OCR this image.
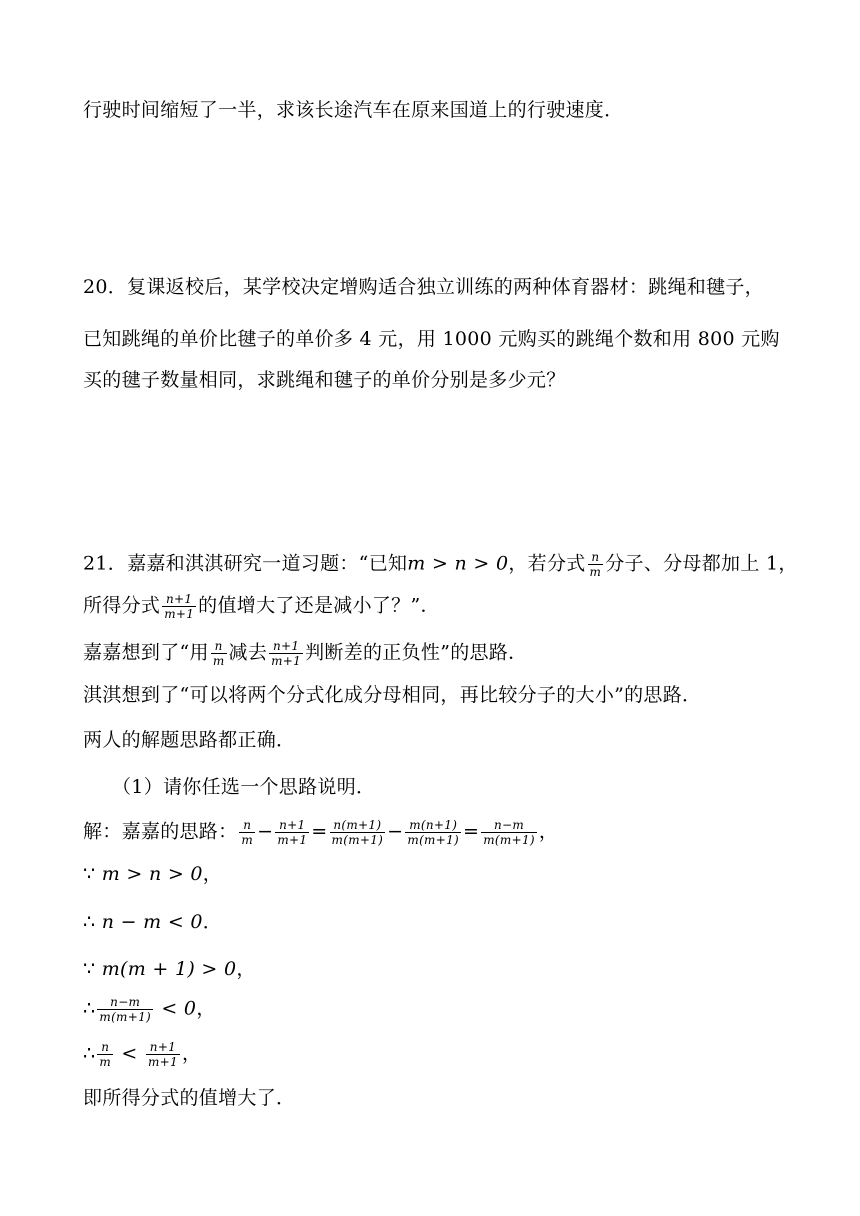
行驶时间缩短了一半，求该长途汽车在原来国道上的行驶速度．
20．复课返校后，某学校决定增购适合独立训练的两种体育器材：跳绳和毽子，
已知跳绳的单价比毽子的单价多 4 元，用 1000 元购买的跳绳个数和用 800 元购
买的毽子数量相同，求跳绳和毽子的单价分别是多少元？
21．嘉嘉和淇淇研究一道习题：“已知m > n > 0，若分式 $\frac{n}{m}$ 分子、分母都加上 1，
所得分式 $\frac{n+1}{m+1}$ 的值增大了还是减小了？”．
嘉嘉想到了“用 $\frac{n}{m}$ 减去 $\frac{n+1}{m+1}$ 判断差的正负性”的思路．
淇淇想到了“可以将两个分式化成分母相同，再比较分子的大小”的思路．
两人的解题思路都正确．
（1）请你任选一个思路说明．
解：嘉嘉的思路： $\frac{n}{m} - \frac{n+1}{m+1} = \frac{n(m+1)}{m(m+1)} - \frac{m(n+1)}{m(m+1)} = \frac{n-m}{m(m+1)}$ ，
∵ m > n > 0，
∴ n − m < 0．
∵ m(m + 1) > 0，
∴ $\frac{n-m}{m(m+1)} < 0$，
∴ $\frac{n}{m} < \frac{n+1}{m+1}$ ，
即所得分式的值增大了．
